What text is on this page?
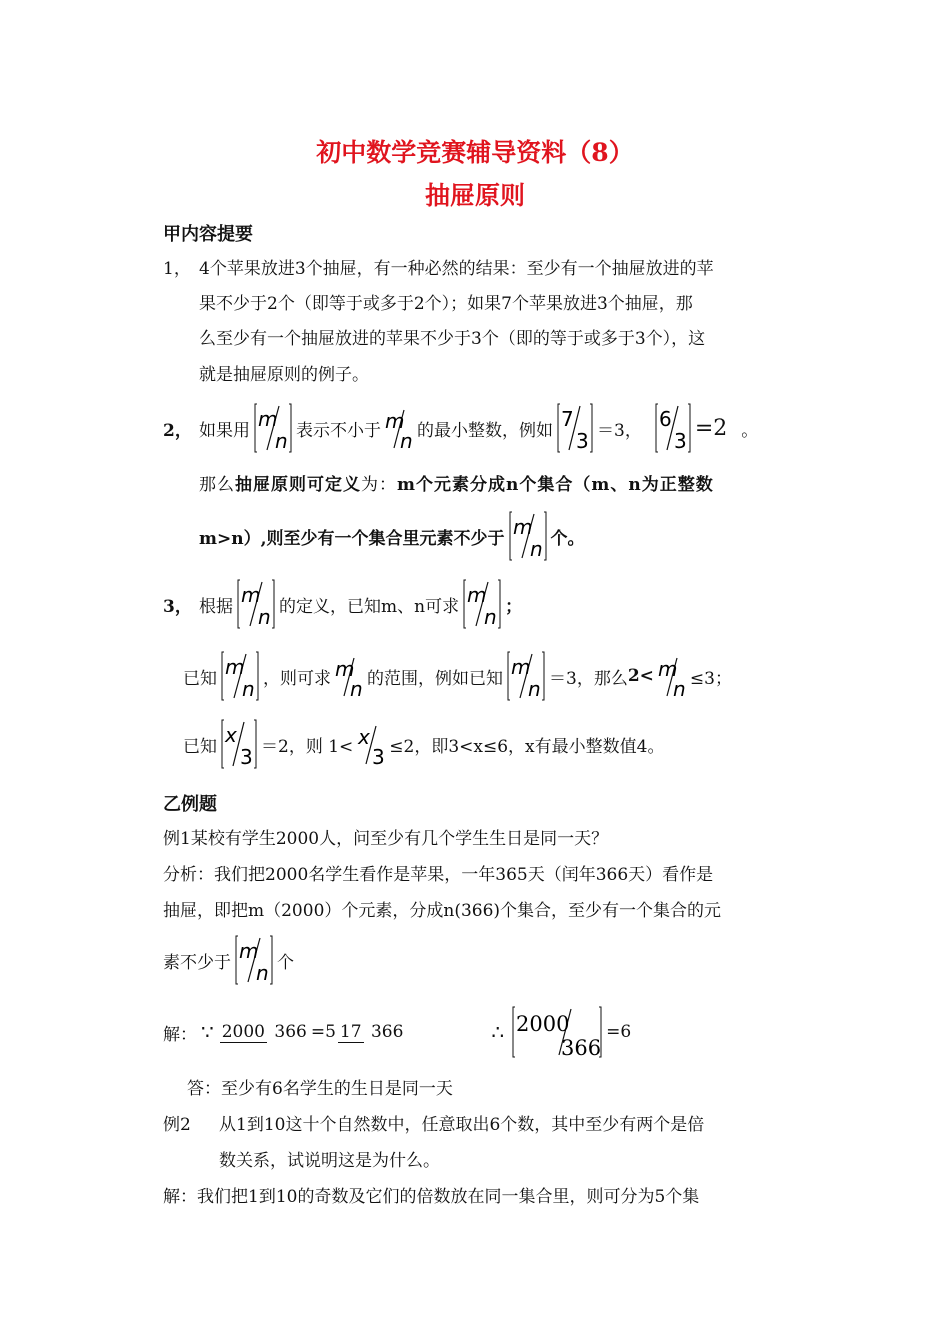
初中数学竞赛辅导资料（8）
抽屉原则
甲内容提要
1， 4个苹果放进3个抽屉，有一种必然的结果：至少有一个抽屉放进的苹
果不少于2个（即等于或多于2个）；如果7个苹果放进3个抽屉，那
么至少有一个抽屉放进的苹果不少于3个（即的等于或多于3个），这
就是抽屉原则的例子。
2， 如果用 m
n 表示不小于 m
n 的最小整数，例如 7
3 ＝3， 6
3
=2 。
那么 抽屉原则可定义 为： m个元素分成n个集合（m、n为正整数
m>n）,则至少有一个集合里元素不少于 m
n 个。
3， 根据 m
n 的定义，已知m、n可求 m
n ；
已知 m
n ，则可求 m
n 的范围，例如已知 m
n ＝3，那么 2< m
n ≤3；
已知 x
3 ＝2，则 1< x
3 ≤2，即3<x≤6，x有最小整数值4。
乙例题
例1某校有学生2000人，问至少有几个学生生日是同一天？
分析：我们把2000名学生看作是苹果，一年365天（闰年366天）看作是
抽屉，即把m（2000）个元素，分成n(366)个集合，至少有一个集合的元
素不少于 m
n 个
解： ∵ 2000 366 =5 17 366	∴ 2000
366
=6
答：至少有6名学生的生日是同一天
例2 从1到10这十个自然数中，任意取出6个数，其中至少有两个是倍
数关系，试说明这是为什么。
解：我们把1到10的奇数及它们的倍数放在同一集合里，则可分为5个集
